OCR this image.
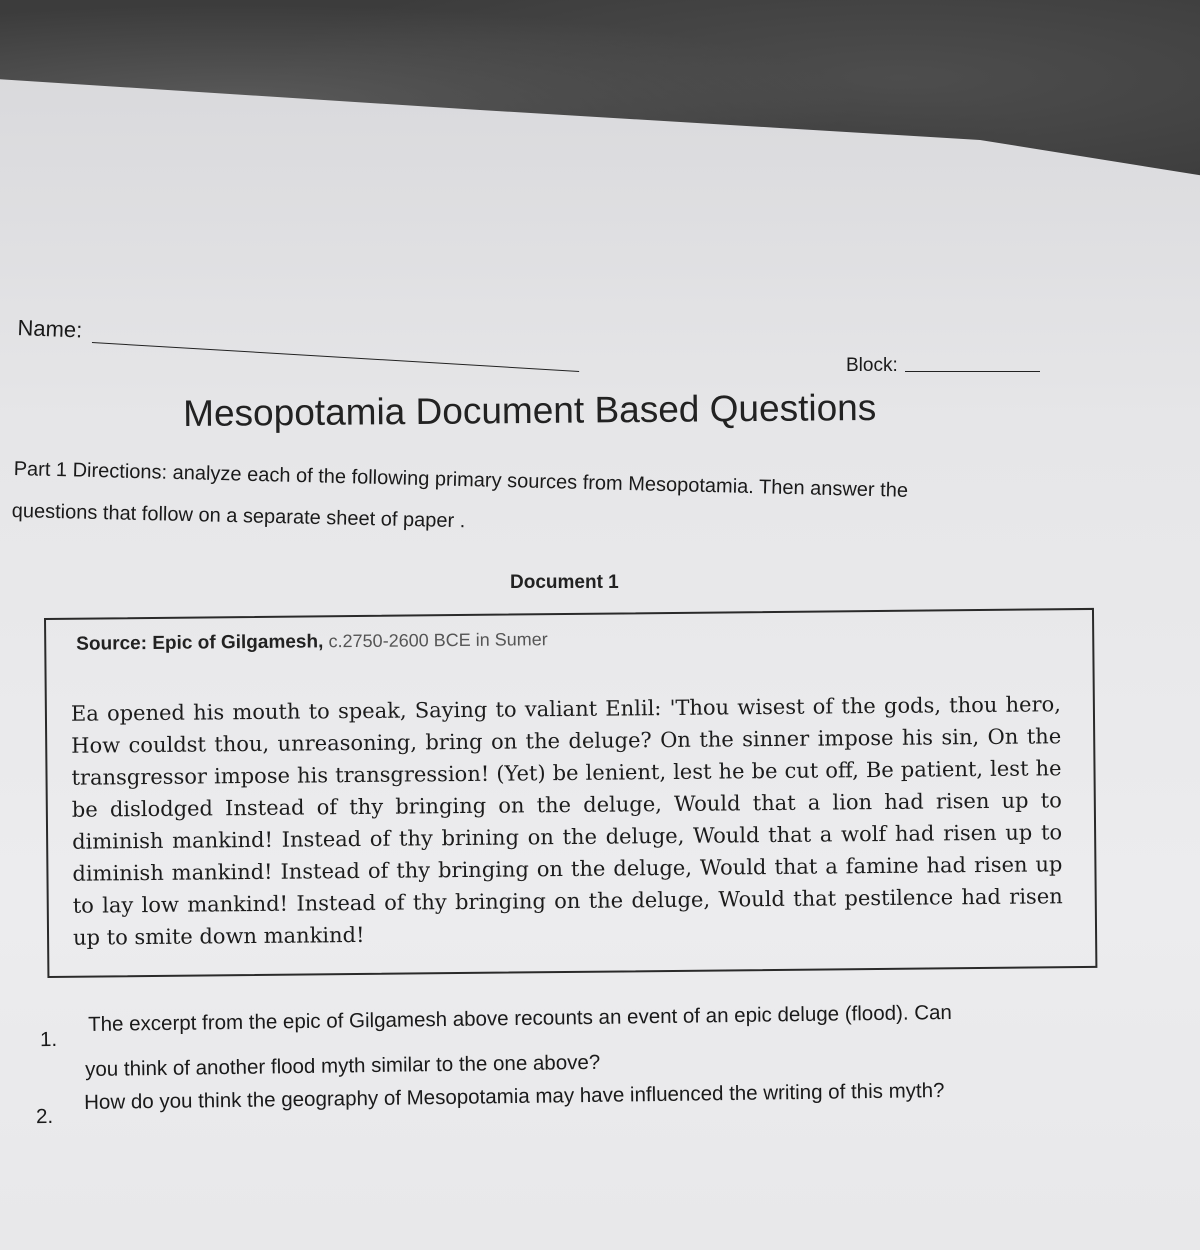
Name:
Block:
Mesopotamia Document Based Questions
Part 1 Directions: analyze each of the following primary sources from Mesopotamia. Then answer the
questions that follow on a separate sheet of paper .
Document 1
Source: Epic of Gilgamesh, c.2750-2600 BCE in Sumer
Ea opened his mouth to speak, Saying to valiant Enlil: 'Thou wisest of the gods, thou hero, How couldst thou, unreasoning, bring on the deluge? On the sinner impose his sin, On the transgressor impose his transgression! (Yet) be lenient, lest he be cut off, Be patient, lest he be dislodged Instead of thy bringing on the deluge, Would that a lion had risen up to diminish mankind! Instead of thy brining on the deluge, Would that a wolf had risen up to diminish mankind! Instead of thy bringing on the deluge, Would that a famine had risen up to lay low mankind! Instead of thy bringing on the deluge, Would that pestilence had risen up to smite down mankind!
1.
The excerpt from the epic of Gilgamesh above recounts an event of an epic deluge (flood). Can
you think of another flood myth similar to the one above?
2.
How do you think the geography of Mesopotamia may have influenced the writing of this myth?
